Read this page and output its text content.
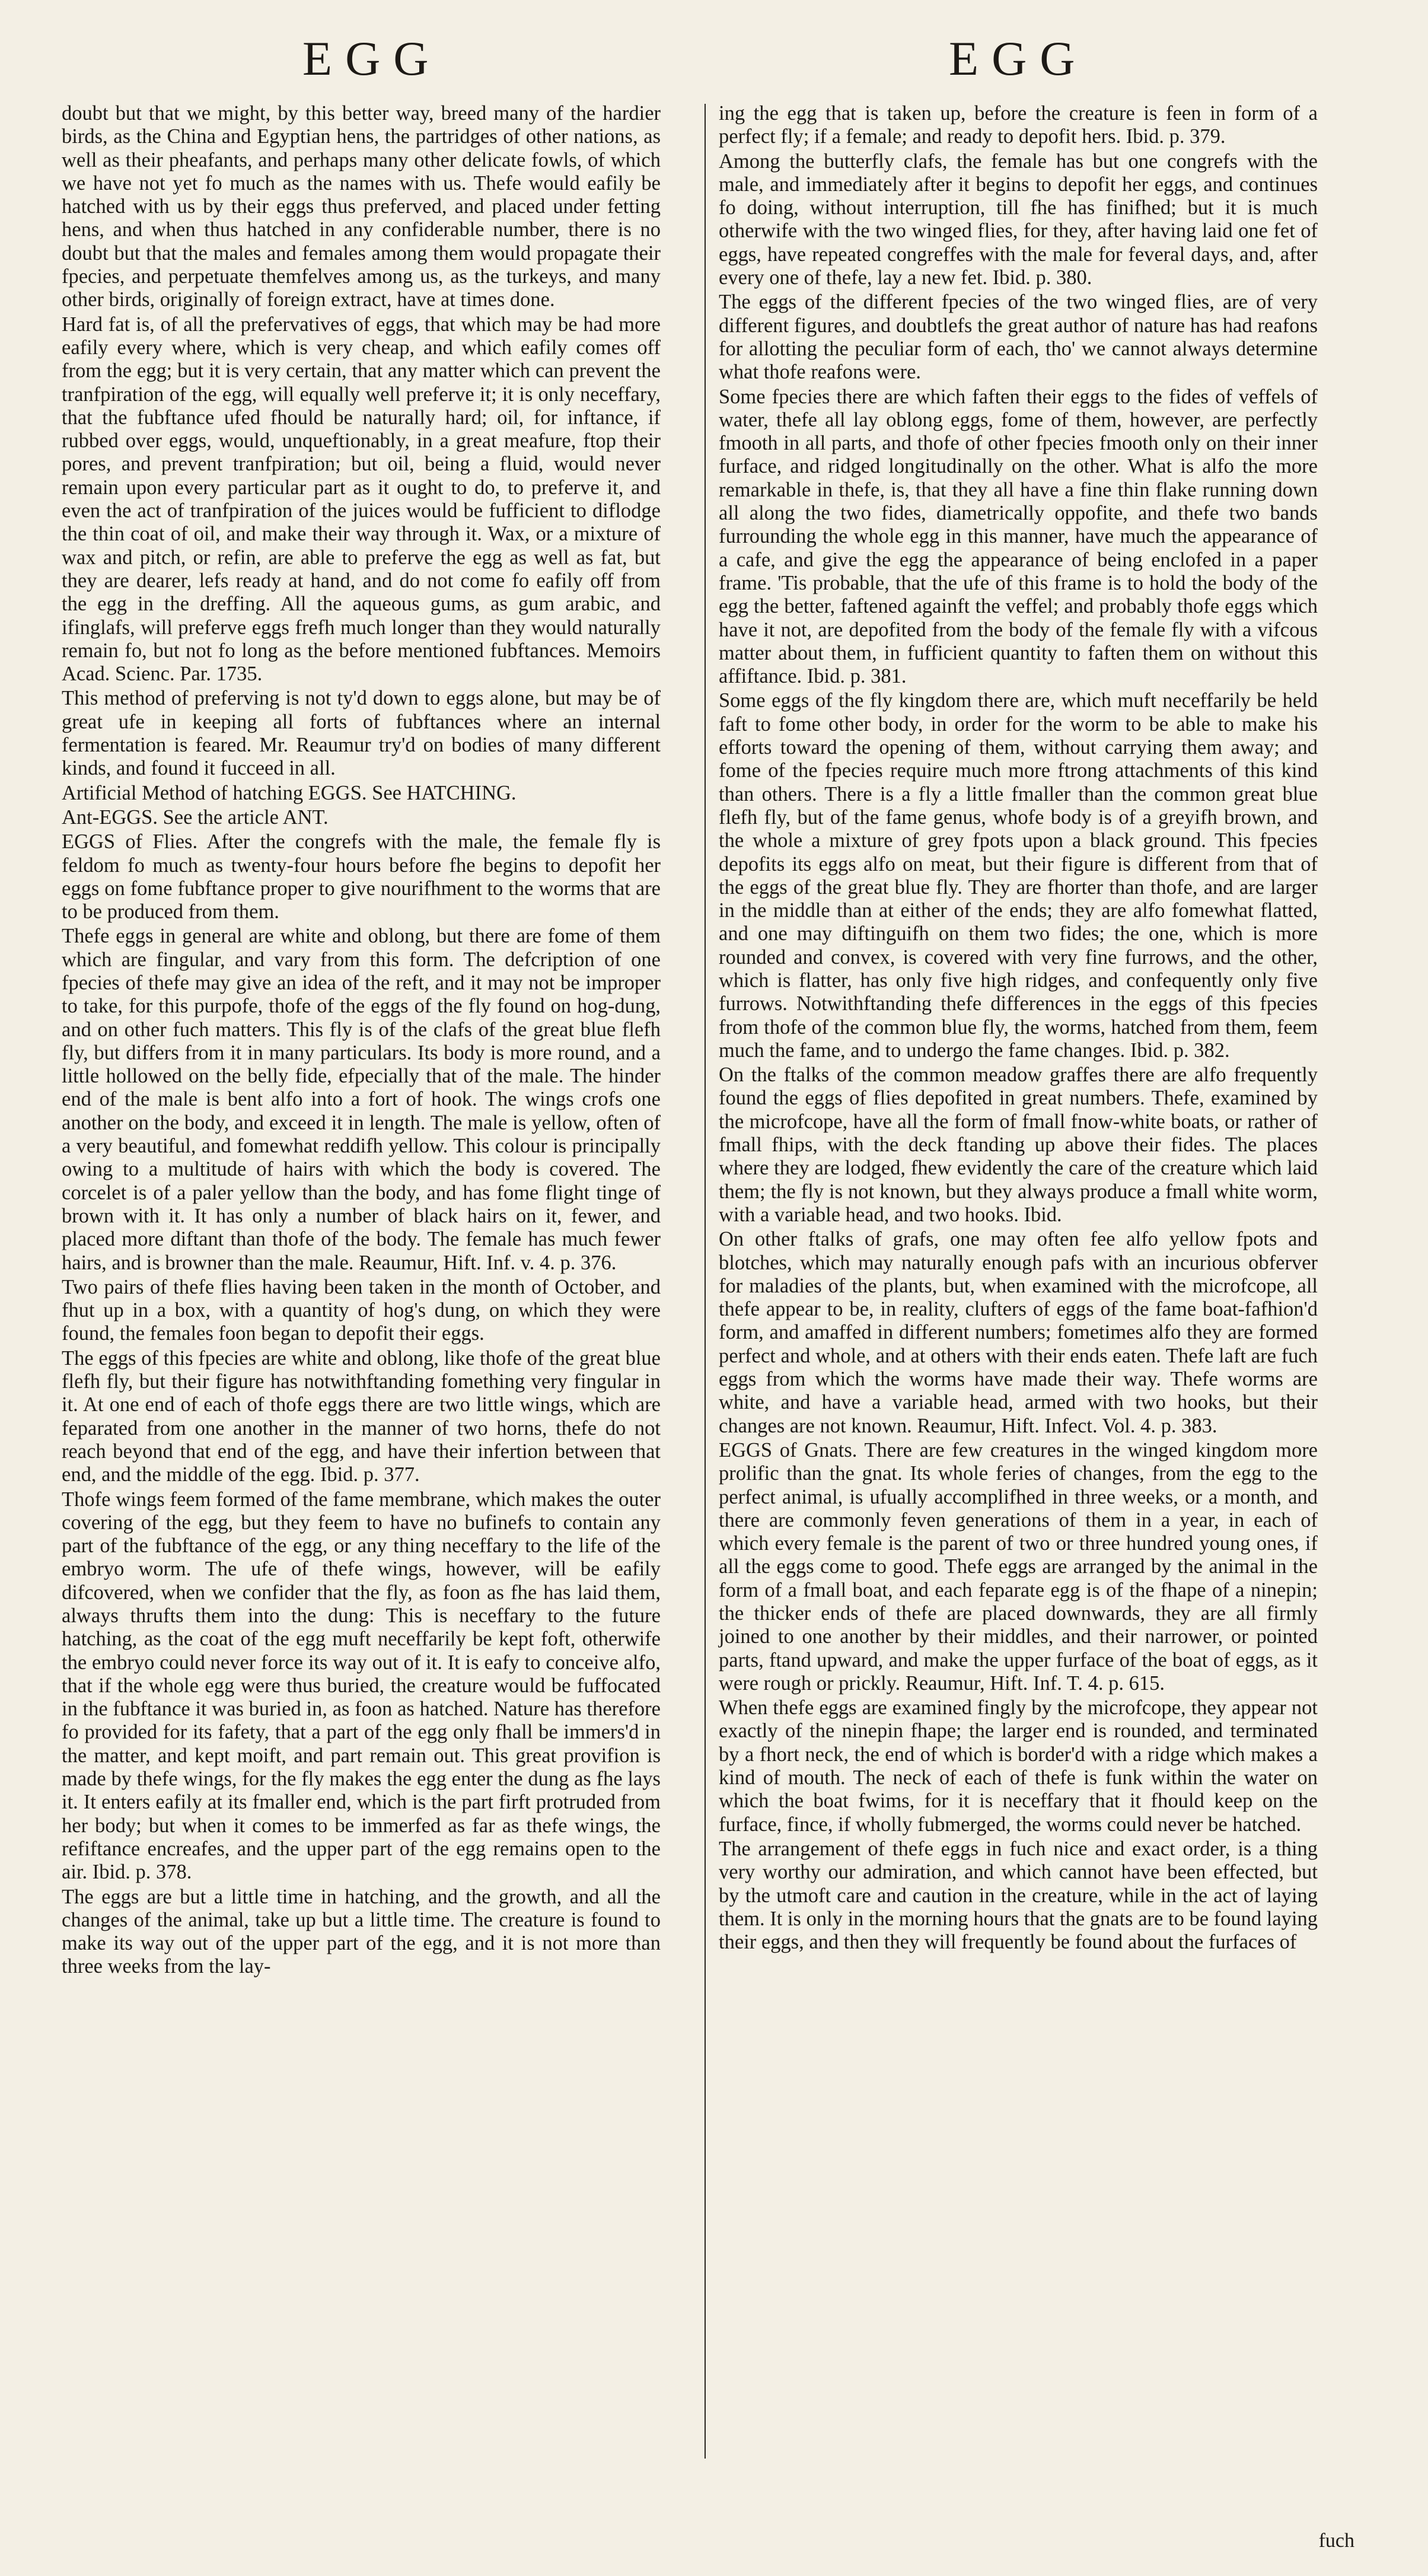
EGG	EGG

doubt but that we might, by this better way, breed many of the hardier birds, as the China and Egyptian hens, the partridges of other nations, as well as their pheafants, and perhaps many other delicate fowls, of which we have not yet fo much as the names with us. Thefe would eafily be hatched with us by their eggs thus preferved, and placed under fetting hens, and when thus hatched in any confiderable number, there is no doubt but that the males and females among them would propagate their fpecies, and perpetuate themfelves among us, as the turkeys, and many other birds, originally of foreign extract, have at times done.

Hard fat is, of all the prefervatives of eggs, that which may be had more eafily every where, which is very cheap, and which eafily comes off from the egg; but it is very certain, that any matter which can prevent the tranfpiration of the egg, will equally well preferve it; it is only neceffary, that the fubftance ufed fhould be naturally hard; oil, for inftance, if rubbed over eggs, would, unqueftionably, in a great meafure, ftop their pores, and prevent tranfpiration; but oil, being a fluid, would never remain upon every particular part as it ought to do, to preferve it, and even the act of tranfpiration of the juices would be fufficient to diflodge the thin coat of oil, and make their way through it. Wax, or a mixture of wax and pitch, or refin, are able to preferve the egg as well as fat, but they are dearer, lefs ready at hand, and do not come fo eafily off from the egg in the dreffing. All the aqueous gums, as gum arabic, and ifinglafs, will preferve eggs frefh much longer than they would naturally remain fo, but not fo long as the before mentioned fubftances. Memoirs Acad. Scienc. Par. 1735.

This method of preferving is not ty'd down to eggs alone, but may be of great ufe in keeping all forts of fubftances where an internal fermentation is feared. Mr. Reaumur try'd on bodies of many different kinds, and found it fucceed in all.

Artificial Method of hatching EGGS. See HATCHING.

Ant-EGGS. See the article ANT.

EGGS of Flies. After the congrefs with the male, the female fly is feldom fo much as twenty-four hours before fhe begins to depofit her eggs on fome fubftance proper to give nourifhment to the worms that are to be produced from them.

Thefe eggs in general are white and oblong, but there are fome of them which are fingular, and vary from this form. The defcription of one fpecies of thefe may give an idea of the reft, and it may not be improper to take, for this purpofe, thofe of the eggs of the fly found on hog-dung, and on other fuch matters. This fly is of the clafs of the great blue flefh fly, but differs from it in many particulars. Its body is more round, and a little hollowed on the belly fide, efpecially that of the male. The hinder end of the male is bent alfo into a fort of hook. The wings crofs one another on the body, and exceed it in length. The male is yellow, often of a very beautiful, and fomewhat reddifh yellow. This colour is principally owing to a multitude of hairs with which the body is covered. The corcelet is of a paler yellow than the body, and has fome flight tinge of brown with it. It has only a number of black hairs on it, fewer, and placed more diftant than thofe of the body. The female has much fewer hairs, and is browner than the male. Reaumur, Hift. Inf. v. 4. p. 376.

Two pairs of thefe flies having been taken in the month of October, and fhut up in a box, with a quantity of hog's dung, on which they were found, the females foon began to depofit their eggs.

The eggs of this fpecies are white and oblong, like thofe of the great blue flefh fly, but their figure has notwithftanding fomething very fingular in it. At one end of each of thofe eggs there are two little wings, which are feparated from one another in the manner of two horns, thefe do not reach beyond that end of the egg, and have their infertion between that end, and the middle of the egg. Ibid. p. 377.

Thofe wings feem formed of the fame membrane, which makes the outer covering of the egg, but they feem to have no bufinefs to contain any part of the fubftance of the egg, or any thing neceffary to the life of the embryo worm. The ufe of thefe wings, however, will be eafily difcovered, when we confider that the fly, as foon as fhe has laid them, always thrufts them into the dung: This is neceffary to the future hatching, as the coat of the egg muft neceffarily be kept foft, otherwife the embryo could never force its way out of it. It is eafy to conceive alfo, that if the whole egg were thus buried, the creature would be fuffocated in the fubftance it was buried in, as foon as hatched. Nature has therefore fo provided for its fafety, that a part of the egg only fhall be immers'd in the matter, and kept moift, and part remain out. This great provifion is made by thefe wings, for the fly makes the egg enter the dung as fhe lays it. It enters eafily at its fmaller end, which is the part firft protruded from her body; but when it comes to be immerfed as far as thefe wings, the refiftance encreafes, and the upper part of the egg remains open to the air. Ibid. p. 378.

The eggs are but a little time in hatching, and the growth, and all the changes of the animal, take up but a little time. The creature is found to make its way out of the upper part of the egg, and it is not more than three weeks from the lay-

ing the egg that is taken up, before the creature is feen in form of a perfect fly; if a female; and ready to depofit hers. Ibid. p. 379.

Among the butterfly clafs, the female has but one congrefs with the male, and immediately after it begins to depofit her eggs, and continues fo doing, without interruption, till fhe has finifhed; but it is much otherwife with the two winged flies, for they, after having laid one fet of eggs, have repeated congreffes with the male for feveral days, and, after every one of thefe, lay a new fet. Ibid. p. 380.

The eggs of the different fpecies of the two winged flies, are of very different figures, and doubtlefs the great author of nature has had reafons for allotting the peculiar form of each, tho' we cannot always determine what thofe reafons were.

Some fpecies there are which faften their eggs to the fides of veffels of water, thefe all lay oblong eggs, fome of them, however, are perfectly fmooth in all parts, and thofe of other fpecies fmooth only on their inner furface, and ridged longitudinally on the other. What is alfo the more remarkable in thefe, is, that they all have a fine thin flake running down all along the two fides, diametrically oppofite, and thefe two bands furrounding the whole egg in this manner, have much the appearance of a cafe, and give the egg the appearance of being enclofed in a paper frame. 'Tis probable, that the ufe of this frame is to hold the body of the egg the better, faftened againft the veffel; and probably thofe eggs which have it not, are depofited from the body of the female fly with a vifcous matter about them, in fufficient quantity to faften them on without this affiftance. Ibid. p. 381.

Some eggs of the fly kingdom there are, which muft neceffarily be held faft to fome other body, in order for the worm to be able to make his efforts toward the opening of them, without carrying them away; and fome of the fpecies require much more ftrong attachments of this kind than others. There is a fly a little fmaller than the common great blue flefh fly, but of the fame genus, whofe body is of a greyifh brown, and the whole a mixture of grey fpots upon a black ground. This fpecies depofits its eggs alfo on meat, but their figure is different from that of the eggs of the great blue fly. They are fhorter than thofe, and are larger in the middle than at either of the ends; they are alfo fomewhat flatted, and one may diftinguifh on them two fides; the one, which is more rounded and convex, is covered with very fine furrows, and the other, which is flatter, has only five high ridges, and confequently only five furrows. Notwithftanding thefe differences in the eggs of this fpecies from thofe of the common blue fly, the worms, hatched from them, feem much the fame, and to undergo the fame changes. Ibid. p. 382.

On the ftalks of the common meadow graffes there are alfo frequently found the eggs of flies depofited in great numbers. Thefe, examined by the microfcope, have all the form of fmall fnow-white boats, or rather of fmall fhips, with the deck ftanding up above their fides. The places where they are lodged, fhew evidently the care of the creature which laid them; the fly is not known, but they always produce a fmall white worm, with a variable head, and two hooks. Ibid.

On other ftalks of grafs, one may often fee alfo yellow fpots and blotches, which may naturally enough pafs with an incurious obferver for maladies of the plants, but, when examined with the microfcope, all thefe appear to be, in reality, clufters of eggs of the fame boat-fafhion'd form, and amaffed in different numbers; fometimes alfo they are formed perfect and whole, and at others with their ends eaten. Thefe laft are fuch eggs from which the worms have made their way. Thefe worms are white, and have a variable head, armed with two hooks, but their changes are not known. Reaumur, Hift. Infect. Vol. 4. p. 383.

EGGS of Gnats. There are few creatures in the winged kingdom more prolific than the gnat. Its whole feries of changes, from the egg to the perfect animal, is ufually accomplifhed in three weeks, or a month, and there are commonly feven generations of them in a year, in each of which every female is the parent of two or three hundred young ones, if all the eggs come to good. Thefe eggs are arranged by the animal in the form of a fmall boat, and each feparate egg is of the fhape of a ninepin; the thicker ends of thefe are placed downwards, they are all firmly joined to one another by their middles, and their narrower, or pointed parts, ftand upward, and make the upper furface of the boat of eggs, as it were rough or prickly. Reaumur, Hift. Inf. T. 4. p. 615.

When thefe eggs are examined fingly by the microfcope, they appear not exactly of the ninepin fhape; the larger end is rounded, and terminated by a fhort neck, the end of which is border'd with a ridge which makes a kind of mouth. The neck of each of thefe is funk within the water on which the boat fwims, for it is neceffary that it fhould keep on the furface, fince, if wholly fubmerged, the worms could never be hatched.

The arrangement of thefe eggs in fuch nice and exact order, is a thing very worthy our admiration, and which cannot have been effected, but by the utmoft care and caution in the creature, while in the act of laying them. It is only in the morning hours that the gnats are to be found laying their eggs, and then they will frequently be found about the furfaces of

fuch
